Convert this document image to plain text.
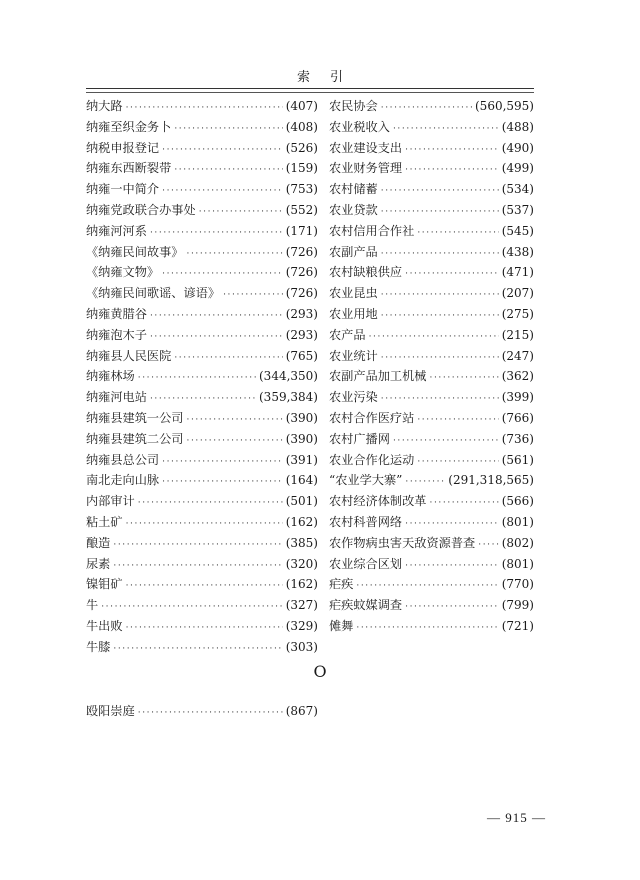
索引
纳大路 ·····	(407)
纳雍至织金务卜 ·····	(408)
纳税申报登记 ·····	(526)
纳雍东西断裂带 ·····	(159)
纳雍一中简介 ·····	(753)
纳雍党政联合办事处 ·····	(552)
纳雍河河系 ·····	(171)
《纳雍民间故事》 ·····	(726)
《纳雍文物》 ·····	(726)
《纳雍民间歌谣、谚语》 ·····	(726)
纳雍黄腊谷 ·····	(293)
纳雍泡木子 ·····	(293)
纳雍县人民医院 ·····	(765)
纳雍林场 ·····	(344,350)
纳雍河电站 ·····	(359,384)
纳雍县建筑一公司 ·····	(390)
纳雍县建筑二公司 ·····	(390)
纳雍县总公司 ·····	(391)
南北走向山脉 ·····	(164)
内部审计 ·····	(501)
粘土矿 ·····	(162)
酿造 ·····	(385)
尿素 ·····	(320)
镍钼矿 ·····	(162)
牛 ·····	(327)
牛出败 ·····	(329)
牛膝 ·····	(303)
农民协会 ·····	(560,595)
农业税收入 ·····	(488)
农业建设支出 ·····	(490)
农业财务管理 ·····	(499)
农村储蓄 ·····	(534)
农业贷款 ·····	(537)
农村信用合作社 ·····	(545)
农副产品 ·····	(438)
农村缺粮供应 ·····	(471)
农业昆虫 ·····	(207)
农业用地 ·····	(275)
农产品 ·····	(215)
农业统计 ·····	(247)
农副产品加工机械 ·····	(362)
农业污染 ·····	(399)
农村合作医疗站 ·····	(766)
农村广播网 ·····	(736)
农业合作化运动 ·····	(561)
“农业学大寨” ·····	(291,318,565)
农村经济体制改革 ·····	(566)
农村科普网络 ·····	(801)
农作物病虫害天敌资源普查 ····· (802)
农业综合区划 ·····	(801)
疟疾 ·····	(770)
疟疾蚊媒调查 ·····	(799)
傩舞 ·····	(721)
O
殴阳崇庭 ·····	(867)
— 915 —
